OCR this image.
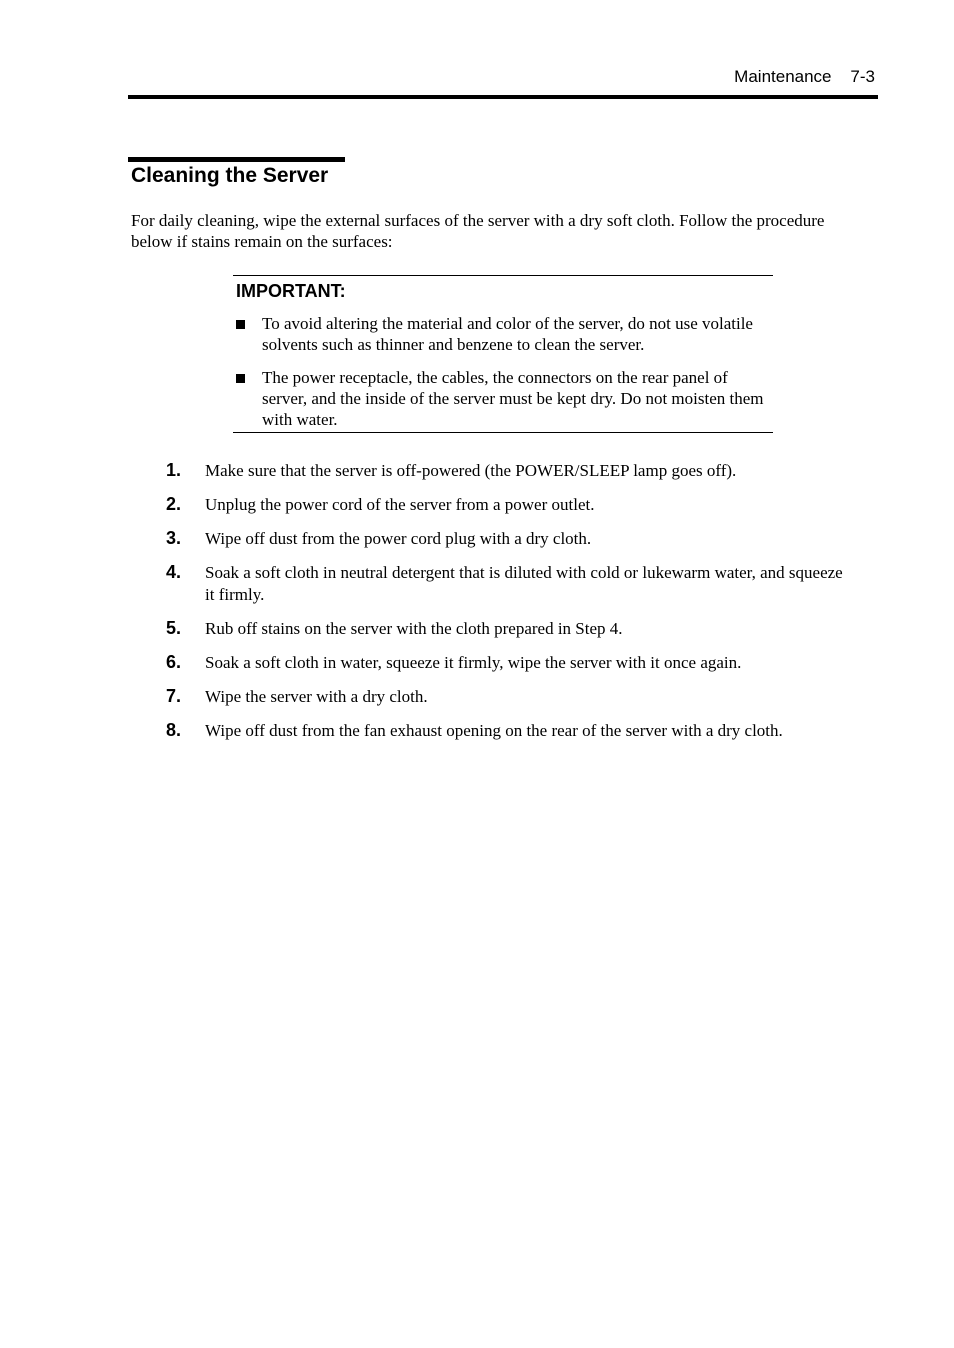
Maintenance 7-3
Cleaning the Server

For daily cleaning, wipe the external surfaces of the server with a dry soft cloth. Follow the procedure below if stains remain on the surfaces:

IMPORTANT:
To avoid altering the material and color of the server, do not use volatile solvents such as thinner and benzene to clean the server.
The power receptacle, the cables, the connectors on the rear panel of server, and the inside of the server must be kept dry. Do not moisten them with water.
1. Make sure that the server is off-powered (the POWER/SLEEP lamp goes off).
2. Unplug the power cord of the server from a power outlet.
3. Wipe off dust from the power cord plug with a dry cloth.
4. Soak a soft cloth in neutral detergent that is diluted with cold or lukewarm water, and squeeze it firmly.
5. Rub off stains on the server with the cloth prepared in Step 4.
6. Soak a soft cloth in water, squeeze it firmly, wipe the server with it once again.
7. Wipe the server with a dry cloth.
8. Wipe off dust from the fan exhaust opening on the rear of the server with a dry cloth.
